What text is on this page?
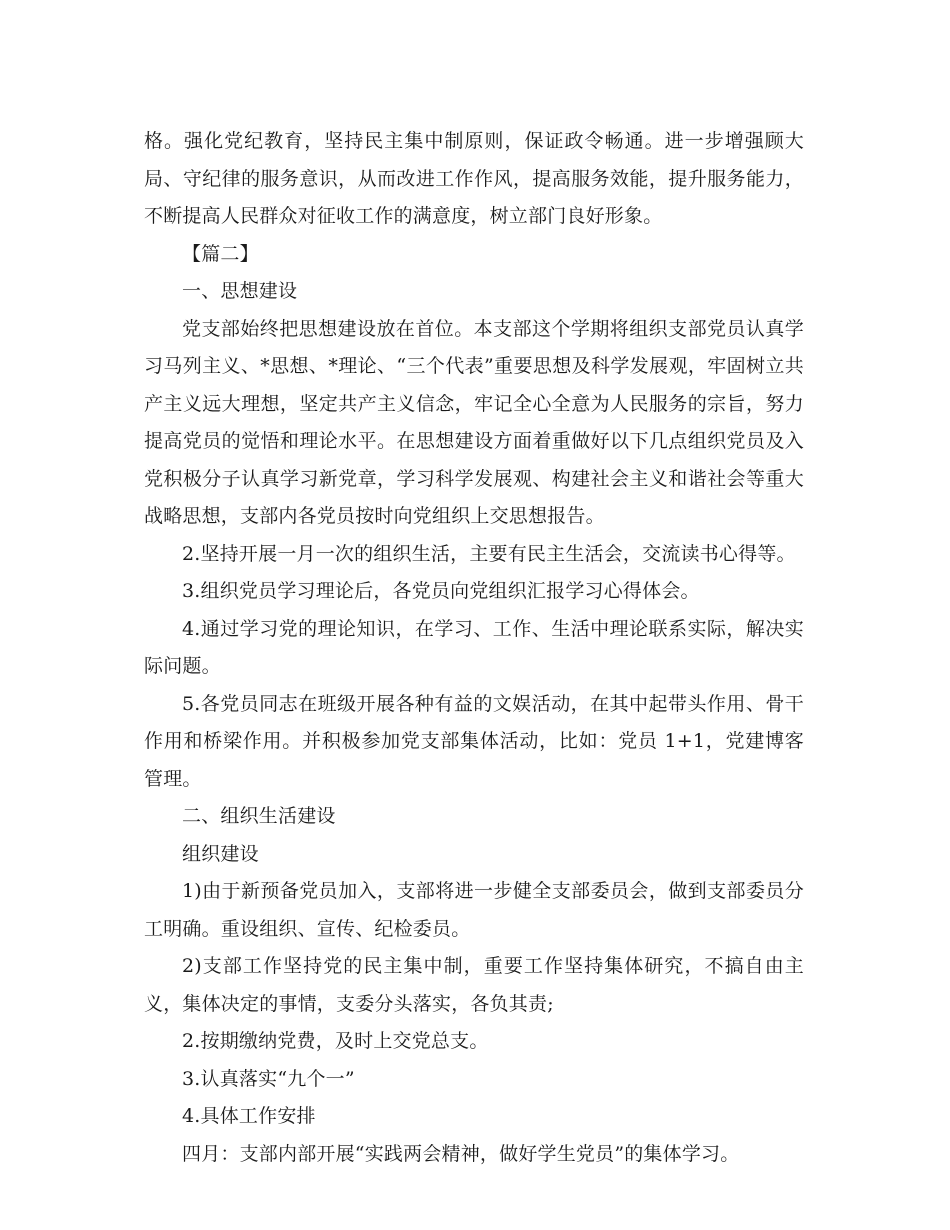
格。强化党纪教育，坚持民主集中制原则，保证政令畅通。进一步增强顾大局、守纪律的服务意识，从而改进工作作风，提高服务效能，提升服务能力，不断提高人民群众对征收工作的满意度，树立部门良好形象。

【篇二】

一、思想建设

党支部始终把思想建设放在首位。本支部这个学期将组织支部党员认真学习马列主义、*思想、*理论、“三个代表”重要思想及科学发展观，牢固树立共产主义远大理想，坚定共产主义信念，牢记全心全意为人民服务的宗旨，努力提高党员的觉悟和理论水平。在思想建设方面着重做好以下几点组织党员及入党积极分子认真学习新党章，学习科学发展观、构建社会主义和谐社会等重大战略思想，支部内各党员按时向党组织上交思想报告。

2.坚持开展一月一次的组织生活，主要有民主生活会，交流读书心得等。

3.组织党员学习理论后，各党员向党组织汇报学习心得体会。

4.通过学习党的理论知识，在学习、工作、生活中理论联系实际，解决实际问题。

5.各党员同志在班级开展各种有益的文娱活动，在其中起带头作用、骨干作用和桥梁作用。并积极参加党支部集体活动，比如：党员 1+1，党建博客管理。

二、组织生活建设

组织建设

1)由于新预备党员加入，支部将进一步健全支部委员会，做到支部委员分工明确。重设组织、宣传、纪检委员。

2)支部工作坚持党的民主集中制，重要工作坚持集体研究，不搞自由主义，集体决定的事情，支委分头落实，各负其责;

2.按期缴纳党费，及时上交党总支。

3.认真落实“九个一”

4.具体工作安排

四月：支部内部开展“实践两会精神，做好学生党员”的集体学习。
